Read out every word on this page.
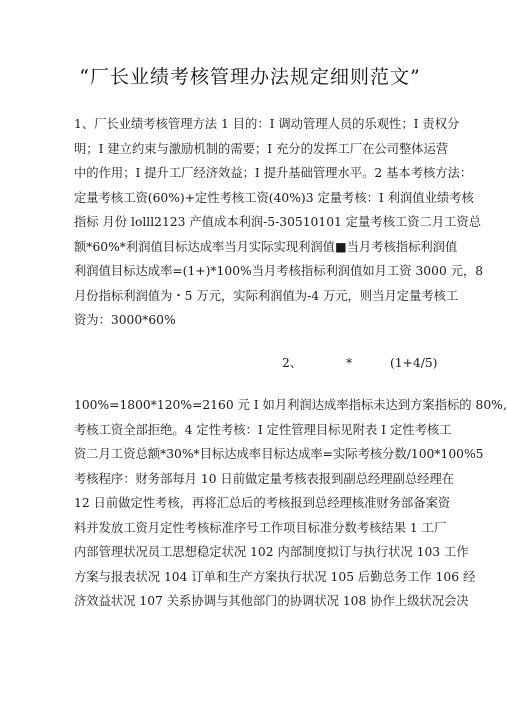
“厂长业绩考核管理办法规定细则范文”
1、厂长业绩考核管理方法 1 目的：I 调动管理人员的乐观性；I 责权分
明；I 建立约束与激励机制的需要；I 充分的发挥工厂在公司整体运营
中的作用；I 提升工厂经济效益；I 提升基础管理水平。2 基本考核方法：
定量考核工资(60%)+定性考核工资(40%)3 定量考核：I 利润值业绩考核
指标 月份 lolll2123 产值成本利润-5-30510101 定量考核工资二月工资总
额*60%*利润值目标达成率当月实际实现利润值■当月考核指标利润值
利润值目标达成率=(1+)*100%当月考核指标利润值如月工资 3000 元，8
月份指标利润值为・5 万元，实际利润值为-4 万元，则当月定量考核工
资为：3000*60%
2、	*	(1+4/5)
100%=1800*120%=2160 元 I 如月利润达成率指标未达到方案指标的 80%,
考核工资全部拒绝。4 定性考核：I 定性管理目标见附表 I 定性考核工
资二月工资总额*30%*目标达成率目标达成率=实际考核分数/100*100%5
考核程序：财务部每月 10 日前做定量考核表报到副总经理副总经理在
12 日前做定性考核，再将汇总后的考核报到总经理核准财务部备案资
料并发放工资月定性考核标准序号工作项目标准分数考核结果 1 工厂
内部管理状况员工思想稳定状况 102 内部制度拟订与执行状况 103 工作
方案与报表状况 104 订单和生产方案执行状况 105 后勤总务工作 106 经
济效益状况 107 关系协调与其他部门的协调状况 108 协作上级状况会决
